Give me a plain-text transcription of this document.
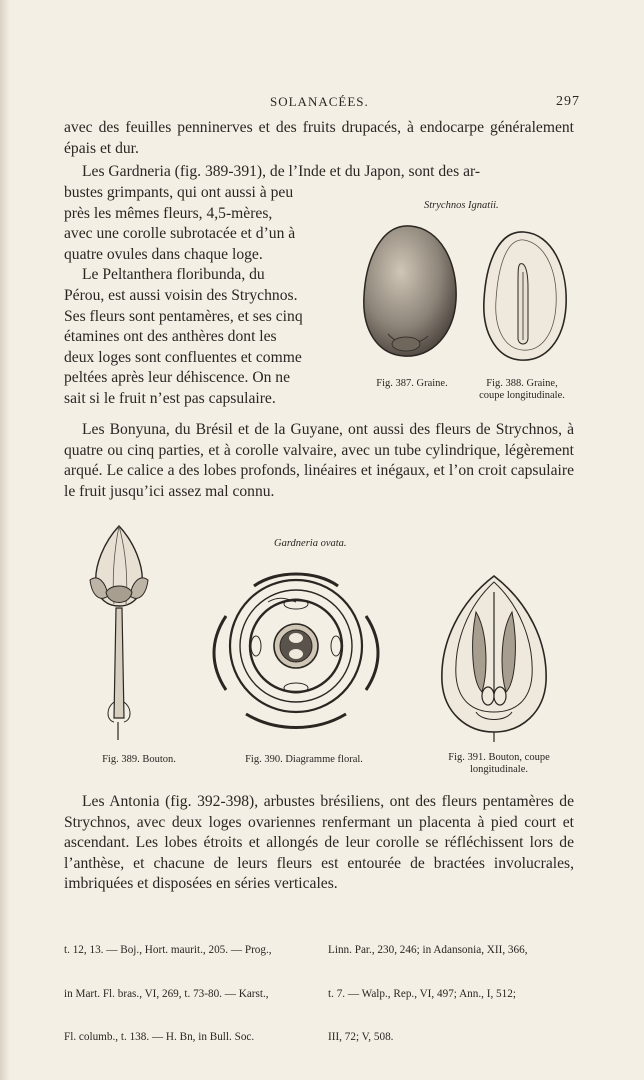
SOLANACÉES.	297

avec des feuilles penninerves et des fruits drupacés, à endocarpe généralement épais et dur.

Les Gardneria (fig. 389-391), de l’Inde et du Japon, sont des ar-

bustes grimpants, qui ont aussi à peu
près les mêmes fleurs, 4,5-mères,
avec une corolle subrotacée et d’un à
quatre ovules dans chaque loge.
Le Peltanthera floribunda, du
Pérou, est aussi voisin des Strychnos.
Ses fleurs sont pentamères, et ses cinq
étamines ont des anthères dont les
deux loges sont confluentes et comme
peltées après leur déhiscence. On ne
sait si le fruit n’est pas capsulaire.
Strychnos Ignatii.
Fig. 387. Graine.	Fig. 388. Graine,
coupe longitudinale.

Les Bonyuna, du Brésil et de la Guyane, ont aussi des fleurs de Strychnos, à quatre ou cinq parties, et à corolle valvaire, avec un tube cylindrique, légèrement arqué. Le calice a des lobes profonds, linéaires et inégaux, et l’on croit capsulaire le fruit jusqu’ici assez mal connu.

Gardneria ovata.
Fig. 389. Bouton.	Fig. 390. Diagramme floral.	Fig. 391. Bouton, coupe
longitudinale.

Les Antonia (fig. 392-398), arbustes brésiliens, ont des fleurs pentamères de Strychnos, avec deux loges ovariennes renfermant un placenta à pied court et ascendant. Les lobes étroits et allongés de leur corolle se réfléchissent lors de l’anthèse, et chacune de leurs fleurs est entourée de bractées involucrales, imbriquées et disposées en séries verticales.

t. 12, 13. — Boj., Hort. maurit., 205. — Prog.,

in Mart. Fl. bras., VI, 269, t. 73-80. — Karst.,

Fl. columb., t. 138. — H. Bn, in Bull. Soc.

Linn. Par., 230, 246; in Adansonia, XII, 366,

t. 7. — Walp., Rep., VI, 497; Ann., I, 512;

III, 72; V, 508.
